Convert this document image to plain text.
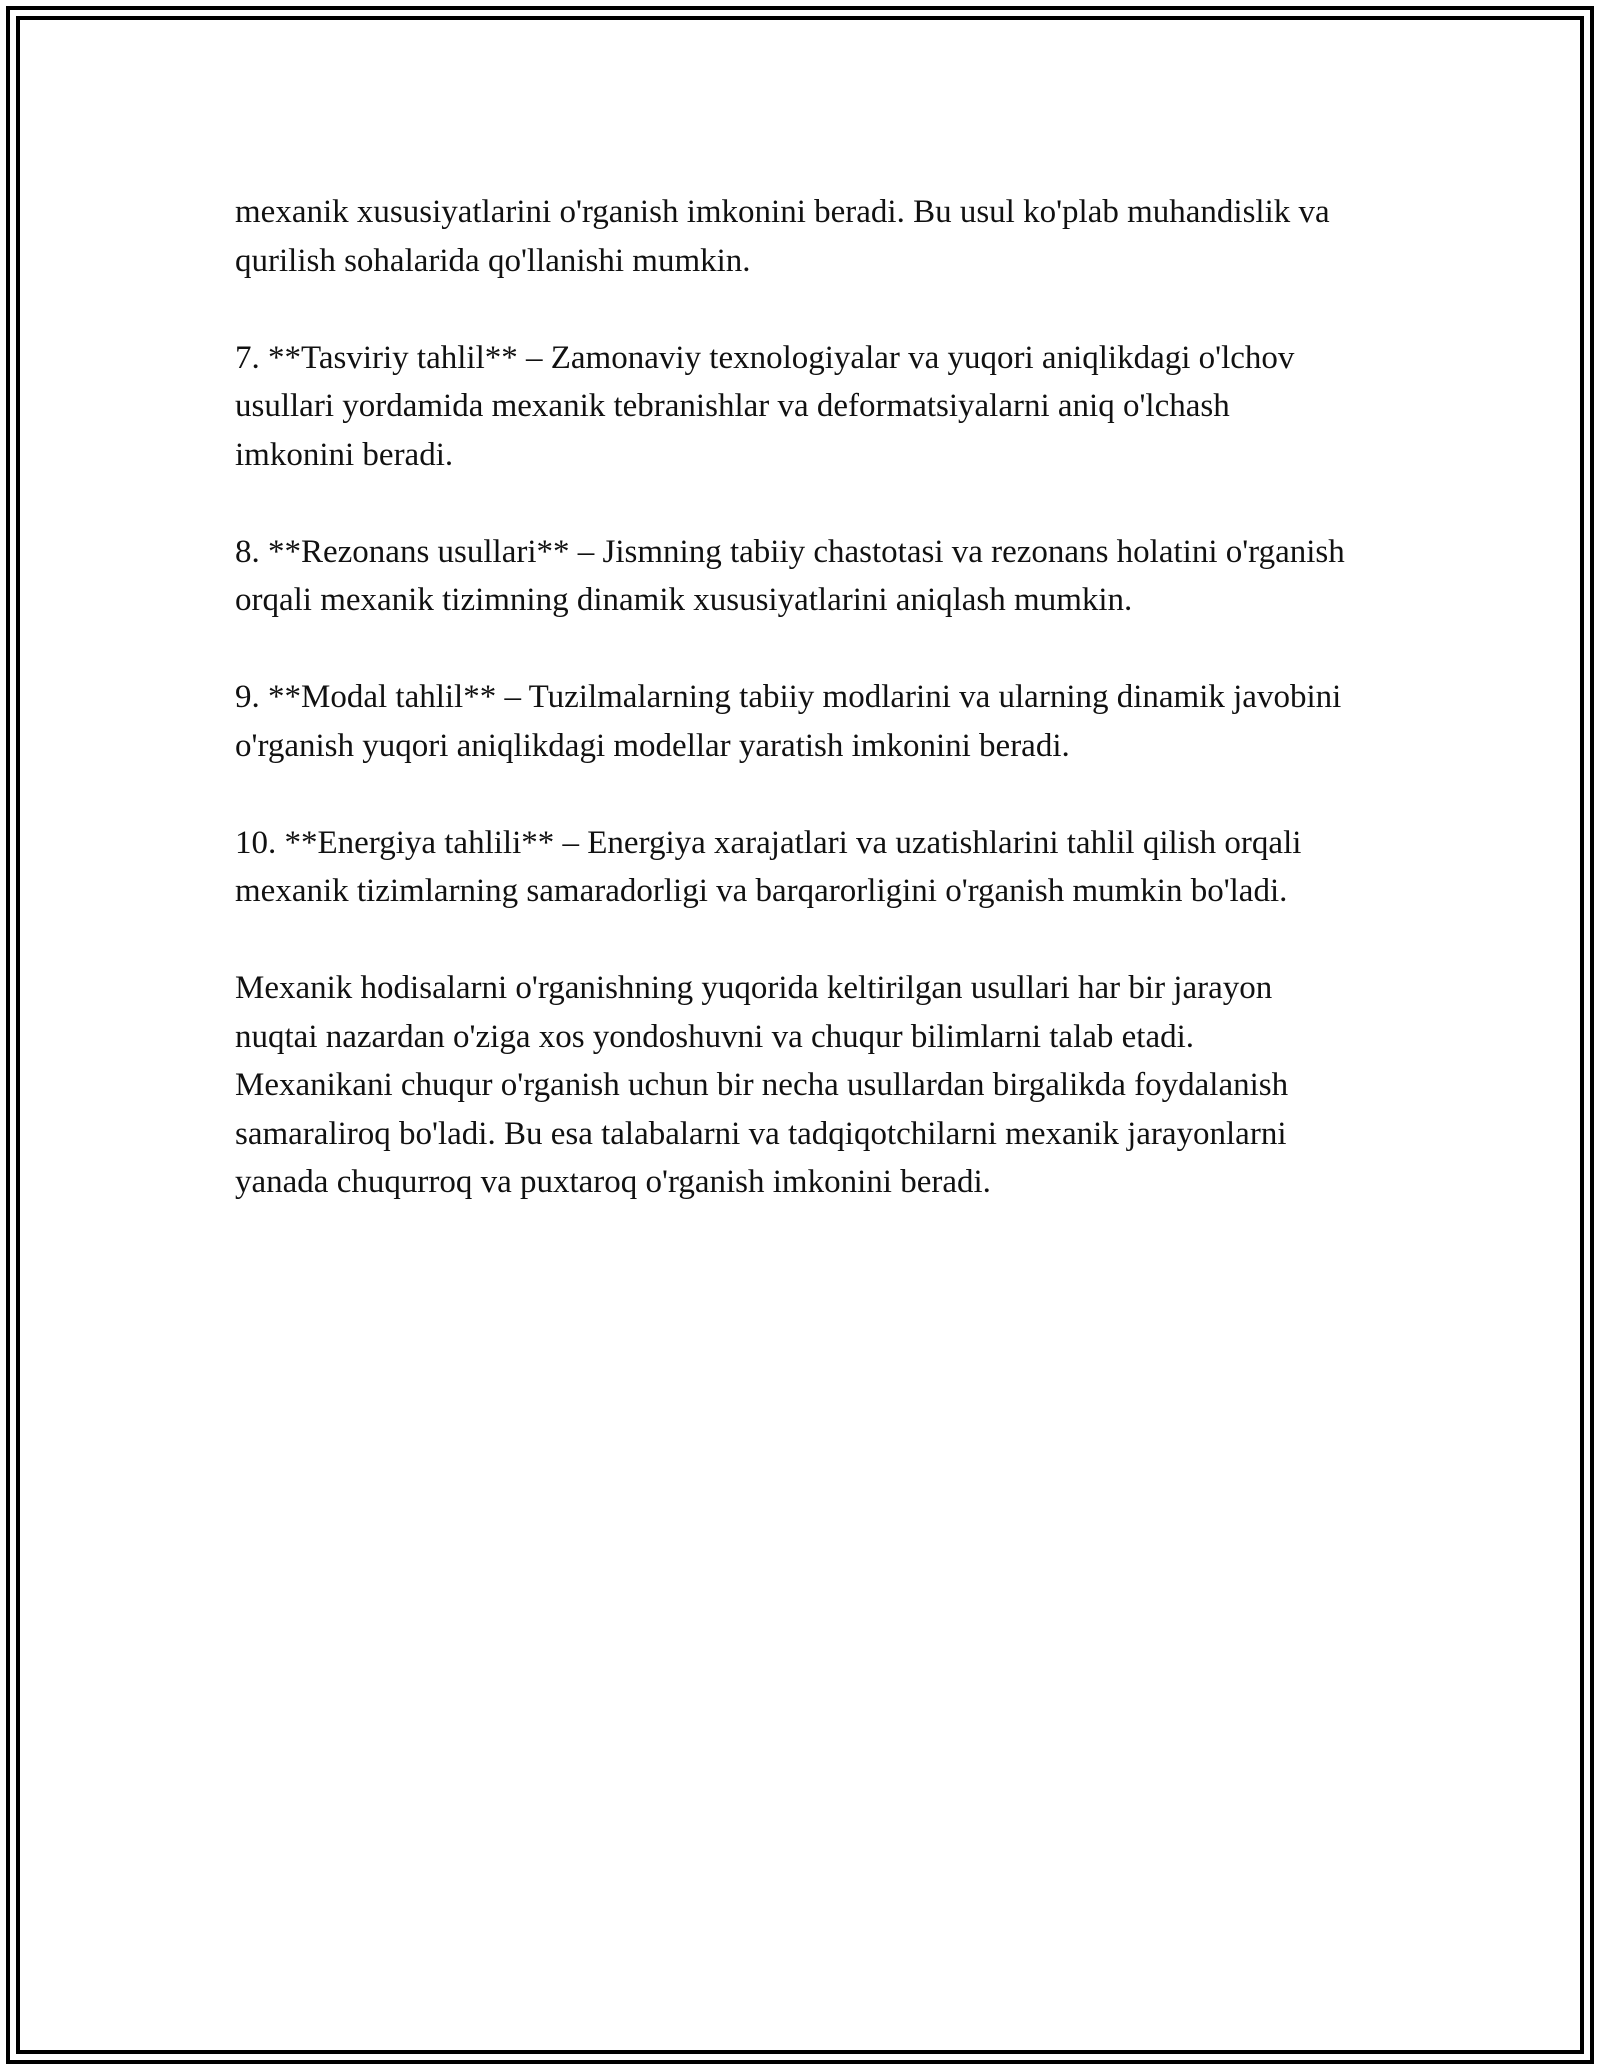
mexanik xususiyatlarini o'rganish imkonini beradi. Bu usul ko'plab muhandislik va qurilish sohalarida qo'llanishi mumkin.

7. **Tasviriy tahlil** – Zamonaviy texnologiyalar va yuqori aniqlikdagi o'lchov usullari yordamida mexanik tebranishlar va deformatsiyalarni aniq o'lchash imkonini beradi.

8. **Rezonans usullari** – Jismning tabiiy chastotasi va rezonans holatini o'rganish orqali mexanik tizimning dinamik xususiyatlarini aniqlash mumkin.

9. **Modal tahlil** – Tuzilmalarning tabiiy modlarini va ularning dinamik javobini o'rganish yuqori aniqlikdagi modellar yaratish imkonini beradi.

10. **Energiya tahlili** – Energiya xarajatlari va uzatishlarini tahlil qilish orqali mexanik tizimlarning samaradorligi va barqarorligini o'rganish mumkin bo'ladi.

Mexanik hodisalarni o'rganishning yuqorida keltirilgan usullari har bir jarayon nuqtai nazardan o'ziga xos yondoshuvni va chuqur bilimlarni talab etadi. Mexanikani chuqur o'rganish uchun bir necha usullardan birgalikda foydalanish samaraliroq bo'ladi. Bu esa talabalarni va tadqiqotchilarni mexanik jarayonlarni yanada chuqurroq va puxtaroq o'rganish imkonini beradi.
